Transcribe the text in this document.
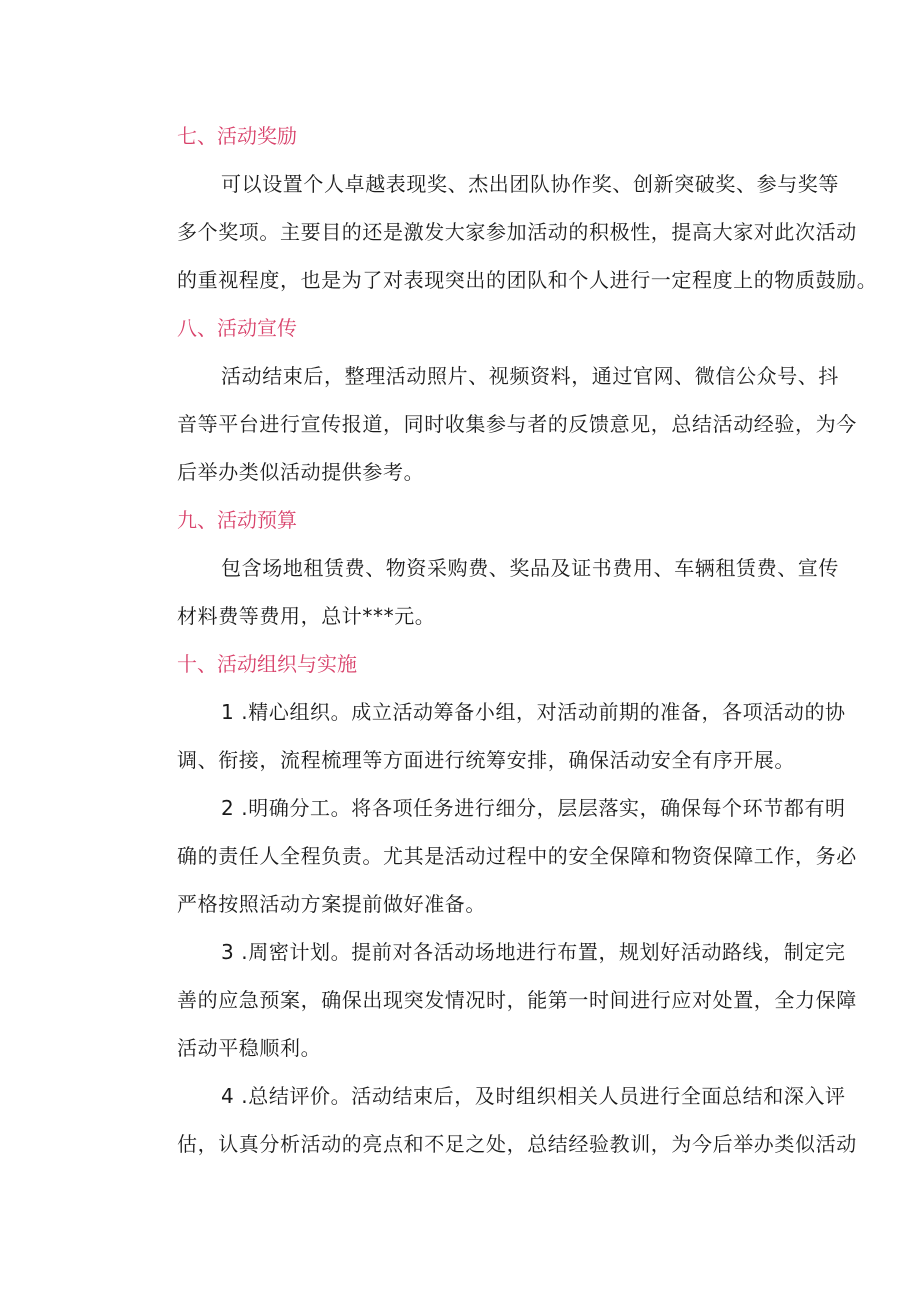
七、活动奖励
可以设置个人卓越表现奖、杰出团队协作奖、创新突破奖、参与奖等
多个奖项。主要目的还是激发大家参加活动的积极性，提高大家对此次活动
的重视程度，也是为了对表现突出的团队和个人进行一定程度上的物质鼓励。
八、活动宣传
活动结束后，整理活动照片、视频资料，通过官网、微信公众号、抖
音等平台进行宣传报道，同时收集参与者的反馈意见，总结活动经验，为今
后举办类似活动提供参考。
九、活动预算
包含场地租赁费、物资采购费、奖品及证书费用、车辆租赁费、宣传
材料费等费用，总计***元。
十、活动组织与实施
1 .精心组织。成立活动筹备小组，对活动前期的准备，各项活动的协
调、衔接，流程梳理等方面进行统筹安排，确保活动安全有序开展。
2 .明确分工。将各项任务进行细分，层层落实，确保每个环节都有明
确的责任人全程负责。尤其是活动过程中的安全保障和物资保障工作，务必
严格按照活动方案提前做好准备。
3 .周密计划。提前对各活动场地进行布置，规划好活动路线，制定完
善的应急预案，确保出现突发情况时，能第一时间进行应对处置，全力保障
活动平稳顺利。
4 .总结评价。活动结束后，及时组织相关人员进行全面总结和深入评
估，认真分析活动的亮点和不足之处，总结经验教训，为今后举办类似活动
